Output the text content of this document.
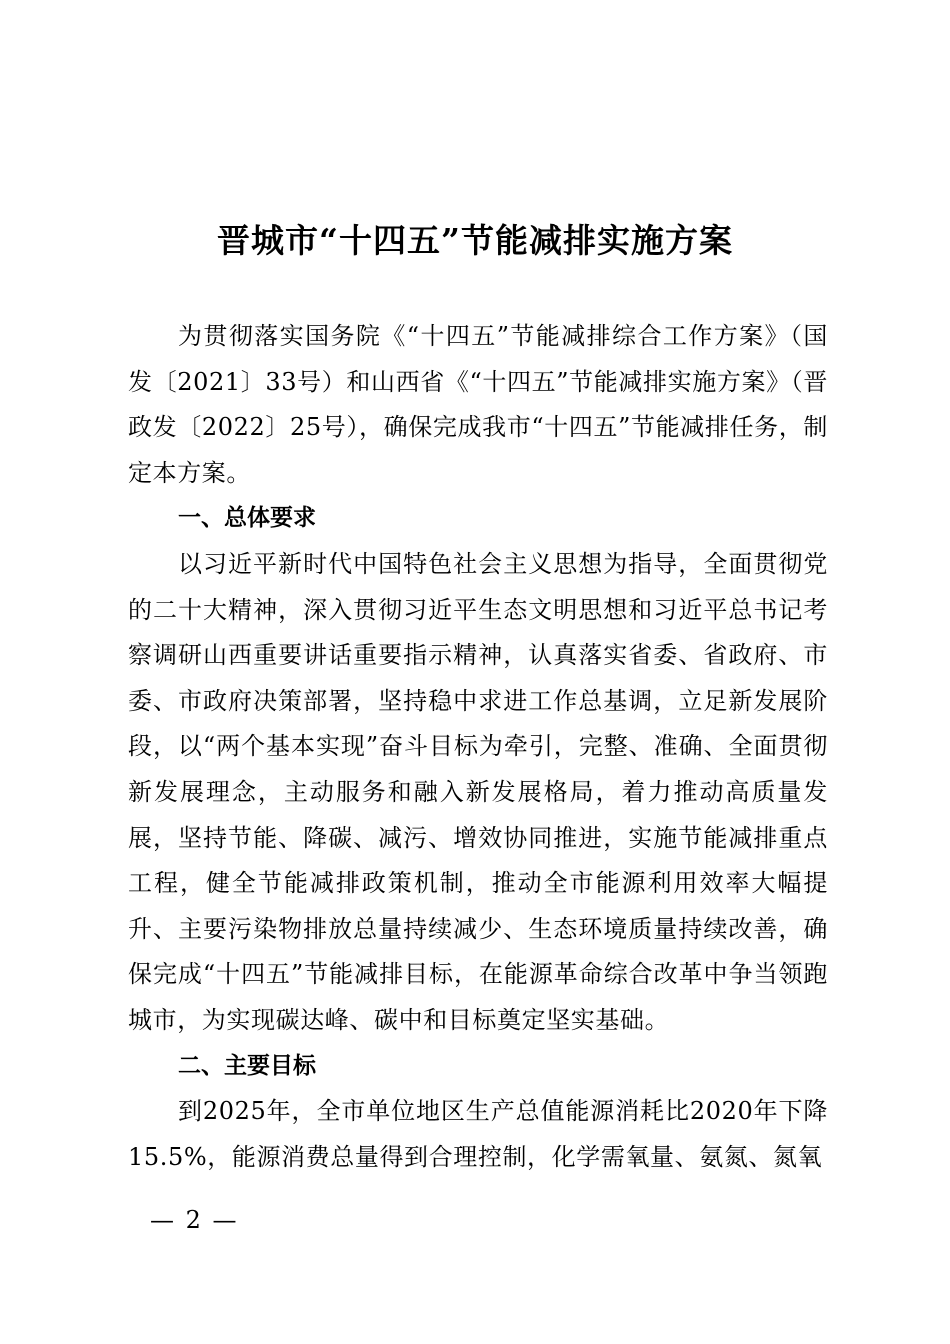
晋城市“十四五”节能减排实施方案

为贯彻落实国务院《“十四五”节能减排综合工作方案》（国发〔2021〕33号）和山西省《“十四五”节能减排实施方案》（晋政发〔2022〕25号），确保完成我市“十四五”节能减排任务，制定本方案。

一、总体要求

以习近平新时代中国特色社会主义思想为指导，全面贯彻党的二十大精神，深入贯彻习近平生态文明思想和习近平总书记考察调研山西重要讲话重要指示精神，认真落实省委、省政府、市委、市政府决策部署，坚持稳中求进工作总基调，立足新发展阶段，以“两个基本实现”奋斗目标为牵引，完整、准确、全面贯彻新发展理念，主动服务和融入新发展格局，着力推动高质量发展，坚持节能、降碳、减污、增效协同推进，实施节能减排重点工程，健全节能减排政策机制，推动全市能源利用效率大幅提升、主要污染物排放总量持续减少、生态环境质量持续改善，确保完成“十四五”节能减排目标，在能源革命综合改革中争当领跑城市，为实现碳达峰、碳中和目标奠定坚实基础。

二、主要目标

到2025年，全市单位地区生产总值能源消耗比2020年下降15.5%，能源消费总量得到合理控制，化学需氧量、氨氮、氮氧

— 2 —
